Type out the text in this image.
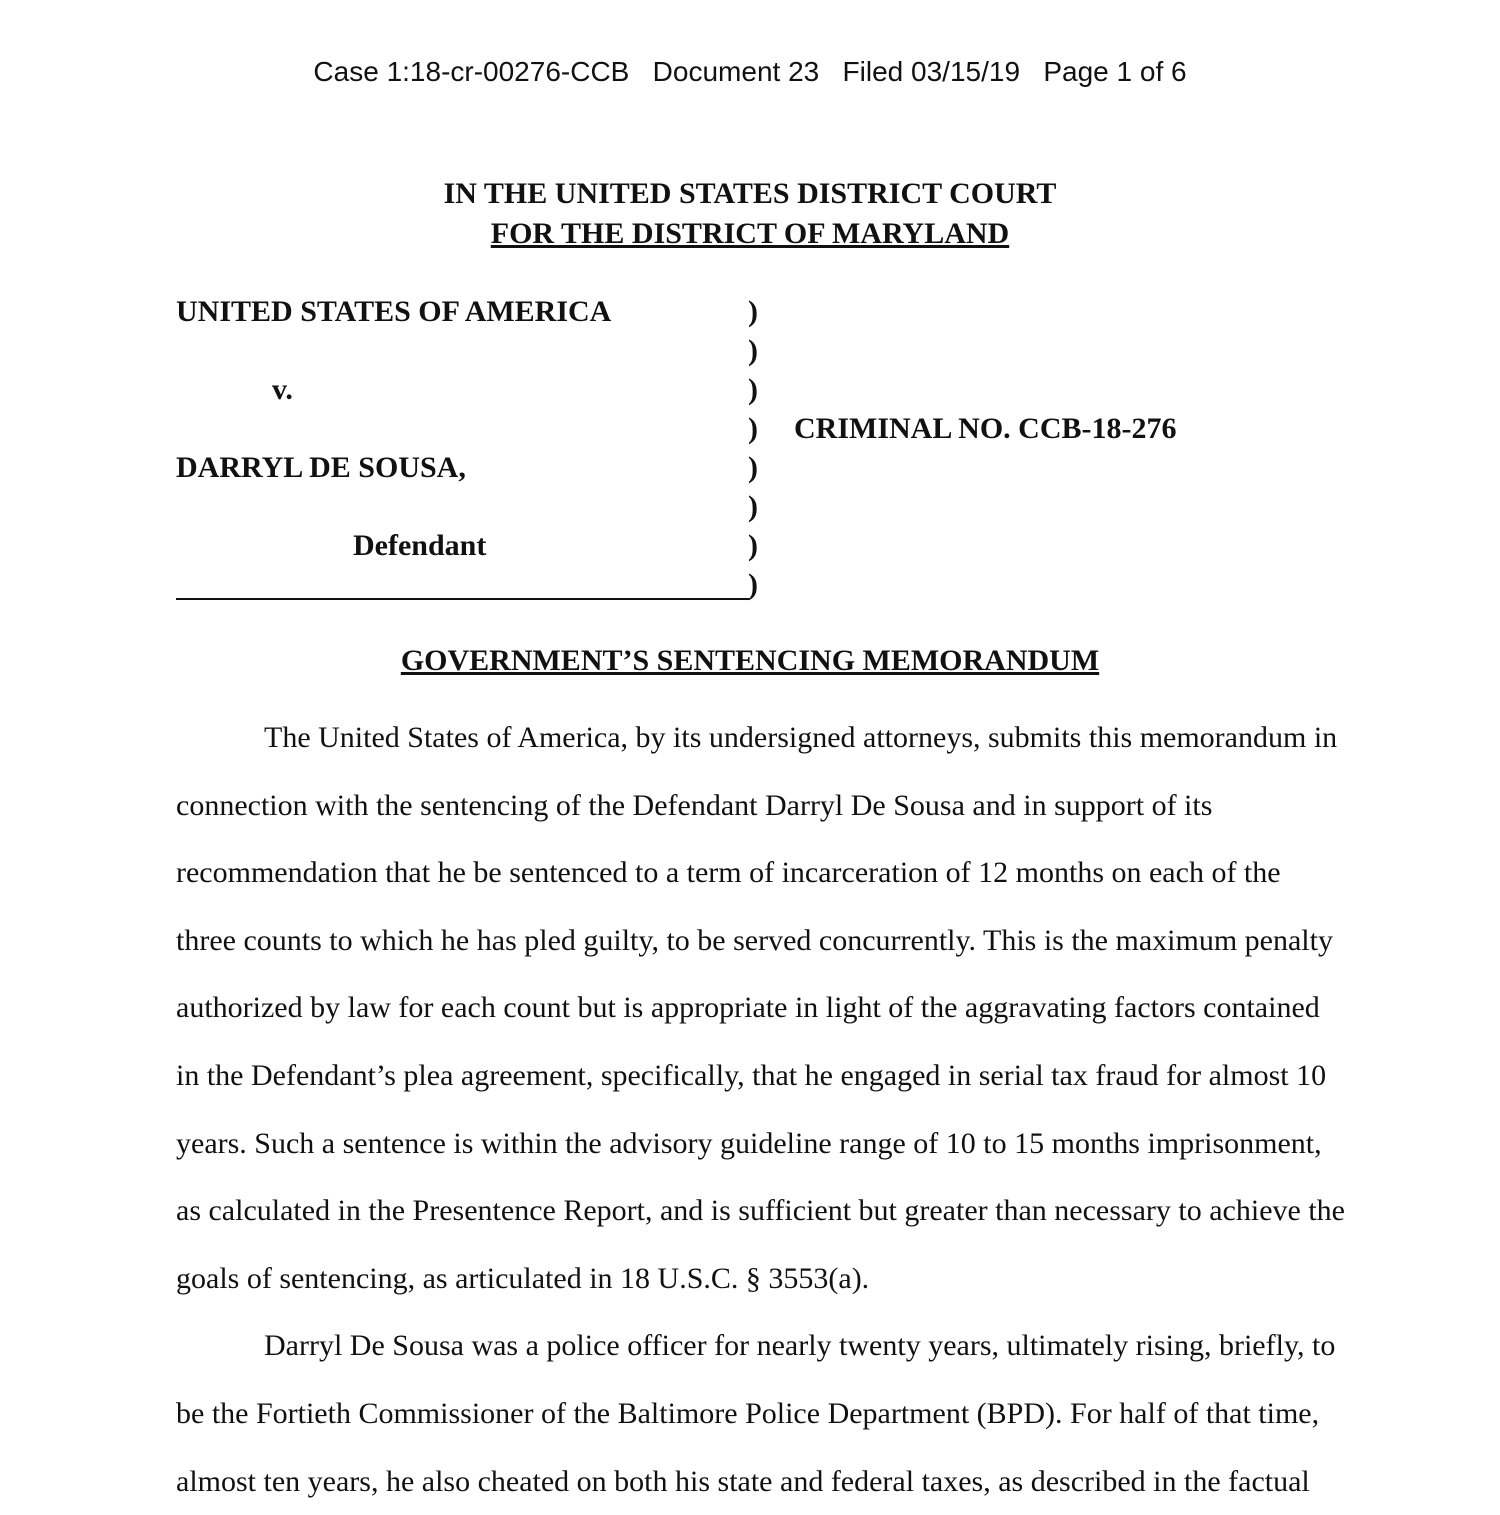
Case 1:18-cr-00276-CCB   Document 23   Filed 03/15/19   Page 1 of 6
IN THE UNITED STATES DISTRICT COURT
FOR THE DISTRICT OF MARYLAND
UNITED STATES OF AMERICA
v.
DARRYL DE SOUSA,
Defendant
CRIMINAL NO. CCB-18-276
)
)
)
)
)
)
)
)
GOVERNMENT’S SENTENCING MEMORANDUM
The United States of America, by its undersigned attorneys, submits this memorandum in
connection with the sentencing of the Defendant Darryl De Sousa and in support of its
recommendation that he be sentenced to a term of incarceration of 12 months on each of the
three counts to which he has pled guilty, to be served concurrently. This is the maximum penalty
authorized by law for each count but is appropriate in light of the aggravating factors contained
in the Defendant’s plea agreement, specifically, that he engaged in serial tax fraud for almost 10
years. Such a sentence is within the advisory guideline range of 10 to 15 months imprisonment,
as calculated in the Presentence Report, and is sufficient but greater than necessary to achieve the
goals of sentencing, as articulated in 18 U.S.C. § 3553(a).
Darryl De Sousa was a police officer for nearly twenty years, ultimately rising, briefly, to
be the Fortieth Commissioner of the Baltimore Police Department (BPD). For half of that time,
almost ten years, he also cheated on both his state and federal taxes, as described in the factual
